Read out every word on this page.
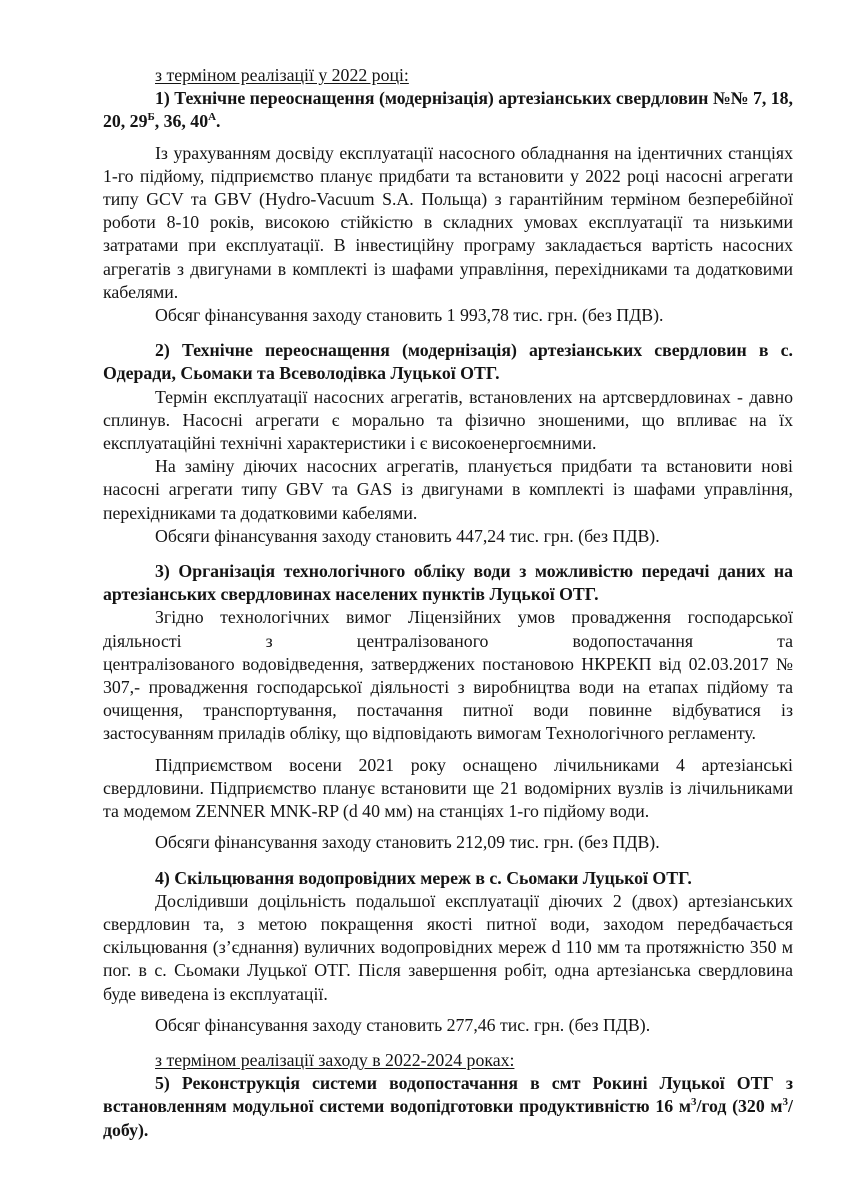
з терміном реалізації у 2022 році:

1) Технічне переоснащення (модернізація) артезіанських свердловин №№ 7, 18, 20, $29^Б$, 36, $40^А$.

Із урахуванням досвіду експлуатації насосного обладнання на ідентичних станціях 1-го підйому, підприємство планує придбати та встановити у 2022 році насосні агрегати типу GCV та GBV (Hydro-Vacuum S.A. Польща) з гарантійним терміном безперебійної роботи 8-10 років, високою стійкістю в складних умовах експлуатації та низькими затратами при експлуатації. В інвестиційну програму закладається вартість насосних агрегатів з двигунами в комплекті із шафами управління, перехідниками та додатковими кабелями.

Обсяг фінансування заходу становить 1 993,78 тис. грн. (без ПДВ).

2) Технічне переоснащення (модернізація) артезіанських свердловин в с. Одеради, Сьомаки та Всеволодівка Луцької ОТГ.

Термін експлуатації насосних агрегатів, встановлених на артсвердловинах - давно сплинув. Насосні агрегати є морально та фізично зношеними, що впливає на їх експлуатаційні технічні характеристики і є високоенергоємними.

На заміну діючих насосних агрегатів, планується придбати та встановити нові насосні агрегати типу GBV та GAS із двигунами в комплекті із шафами управління, перехідниками та додатковими кабелями.

Обсяги фінансування заходу становить 447,24 тис. грн. (без ПДВ).

3) Організація технологічного обліку води з можливістю передачі даних на артезіанських свердловинах населених пунктів Луцької ОТГ.

Згідно технологічних вимог Ліцензійних умов провадження господарської діяльності з централізованого водопостачання та

централізованого водовідведення, затверджених постановою НКРЕКП від 02.03.2017 № 307,- провадження господарської діяльності з виробництва води на етапах підйому та очищення, транспортування, постачання питної води повинне відбуватися із застосуванням приладів обліку, що відповідають вимогам Технологічного регламенту.

Підприємством восени 2021 року оснащено лічильниками 4 артезіанські свердловини. Підприємство планує встановити ще 21 водомірних вузлів із лічильниками та модемом ZENNER MNK-RP (d 40 мм) на станціях 1-го підйому води.

Обсяги фінансування заходу становить 212,09 тис. грн. (без ПДВ).

4) Скільцювання водопровідних мереж в с. Сьомаки Луцької ОТГ.

Дослідивши доцільність подальшої експлуатації діючих 2 (двох) артезіанських свердловин та, з метою покращення якості питної води, заходом передбачається скільцювання (з’єднання) вуличних водопровідних мереж d 110 мм та протяжністю 350 м пог. в с. Сьомаки Луцької ОТГ. Після завершення робіт, одна артезіанська свердловина буде виведена із експлуатації.

Обсяг фінансування заходу становить 277,46 тис. грн. (без ПДВ).

з терміном реалізації заходу в 2022-2024 роках:

5) Реконструкція системи водопостачання в смт Рокині Луцької ОТГ з встановленням модульної системи водопідготовки продуктивністю 16 $м^3$/год (320 $м^3/добу$).
